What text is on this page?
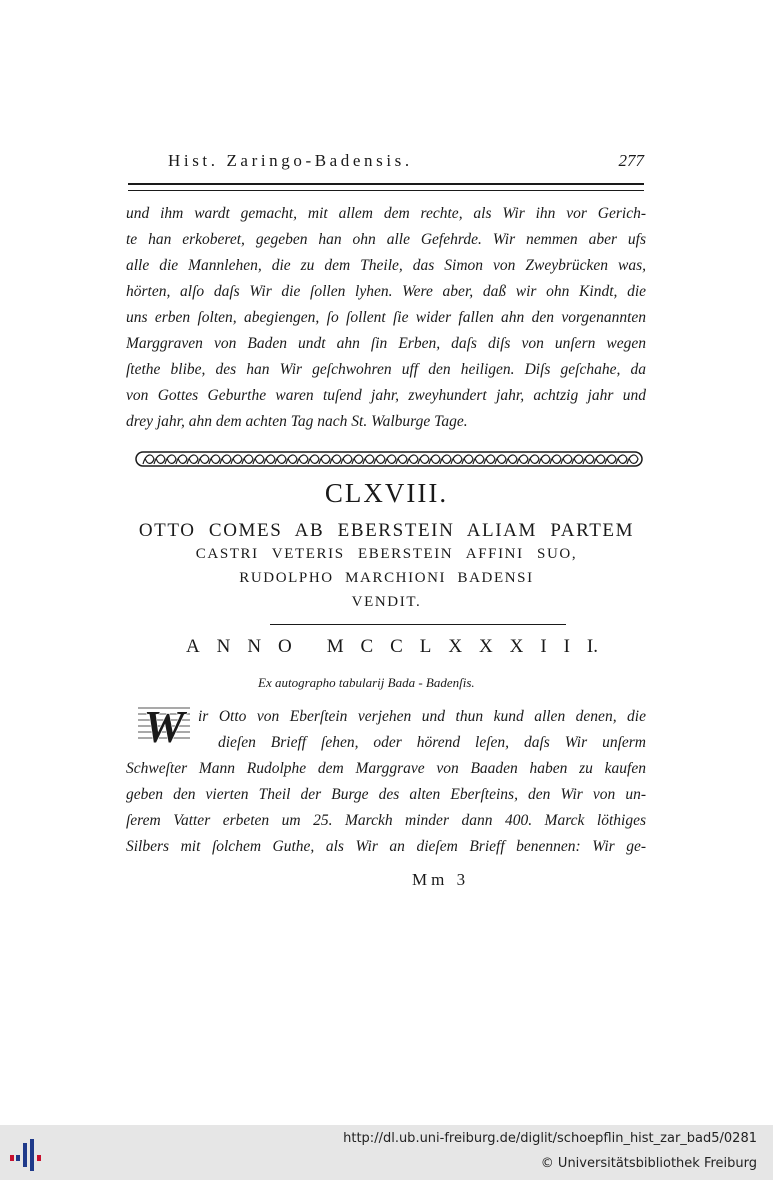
Hist. Zaringo-Badensis.	277
und ihm wardt gemacht, mit allem dem rechte, als Wir ihn vor Gerich-
te han erkoberet, gegeben han ohn alle Gefehrde. Wir nemmen aber ufs
alle die Mannlehen, die zu dem Theile, das Simon von Zweybrücken was,
hörten, alſo daſs Wir die ſollen lyhen. Were aber, daß wir ohn Kindt, die
uns erben ſolten, abegiengen, ſo ſollent ſie wider fallen ahn den vorgenannten
Marggraven von Baden undt ahn ſin Erben, daſs diſs von unſern wegen
ſtethe blibe, des han Wir geſchwohren uff den heiligen. Diſs geſchahe, da
von Gottes Geburthe waren tuſend jahr, zweyhundert jahr, achtzig jahr und
drey jahr, ahn dem achten Tag nach St. Walburge Tage.
CLXVIII.
OTTO COMES AB EBERSTEIN ALIAM PARTEM
CASTRI VETERIS EBERSTEIN AFFINI SUO,
RUDOLPHO MARCHIONI BADENSI
VENDIT.
A N N O M C C L X X X I I I.
Ex autographo tabularij Bada - Badenſis.
W ir Otto von Eberſtein verjehen und thun kund allen denen, die
dieſen Brieff ſehen, oder hörend leſen, daſs Wir unſerm
Schweſter Mann Rudolphe dem Marggrave von Baaden haben zu kaufen
geben den vierten Theil der Burge des alten Eberſteins, den Wir von un-
ſerem Vatter erbeten um 25. Marckh minder dann 400. Marck löthiges
Silbers mit ſolchem Guthe, als Wir an dieſem Brieff benennen: Wir ge-
Mm 3
http://dl.ub.uni-freiburg.de/diglit/schoepflin_hist_zar_bad5/0281
© Universitätsbibliothek Freiburg
